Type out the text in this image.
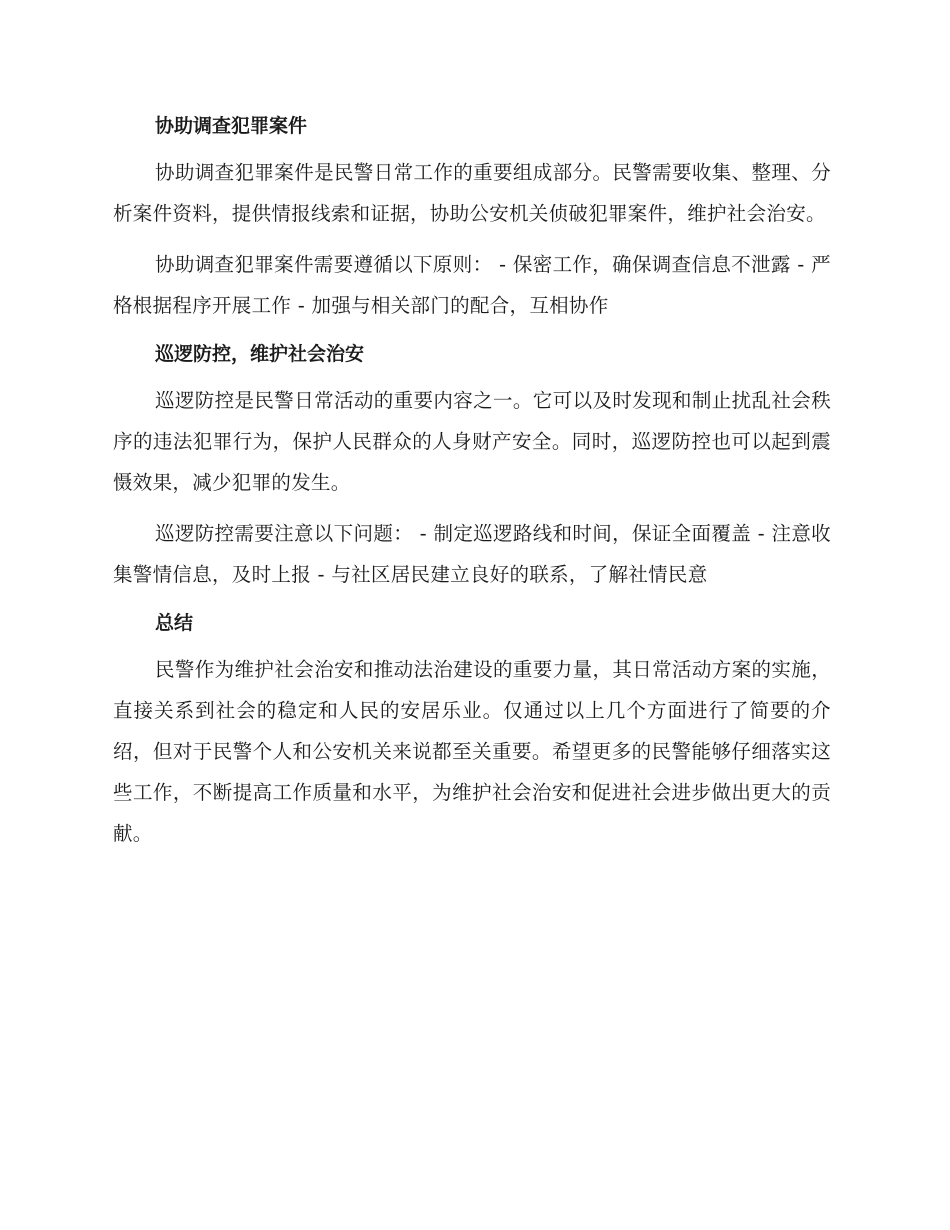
协助调查犯罪案件

协助调查犯罪案件是民警日常工作的重要组成部分。民警需要收集、整理、分析案件资料，提供情报线索和证据，协助公安机关侦破犯罪案件，维护社会治安。

协助调查犯罪案件需要遵循以下原则： - 保密工作，确保调查信息不泄露 - 严格根据程序开展工作 - 加强与相关部门的配合，互相协作

巡逻防控，维护社会治安

巡逻防控是民警日常活动的重要内容之一。它可以及时发现和制止扰乱社会秩序的违法犯罪行为，保护人民群众的人身财产安全。同时，巡逻防控也可以起到震慑效果，减少犯罪的发生。

巡逻防控需要注意以下问题： - 制定巡逻路线和时间，保证全面覆盖 - 注意收集警情信息，及时上报 - 与社区居民建立良好的联系，了解社情民意

总结

民警作为维护社会治安和推动法治建设的重要力量，其日常活动方案的实施，直接关系到社会的稳定和人民的安居乐业。仅通过以上几个方面进行了简要的介绍，但对于民警个人和公安机关来说都至关重要。希望更多的民警能够仔细落实这些工作，不断提高工作质量和水平，为维护社会治安和促进社会进步做出更大的贡献。
